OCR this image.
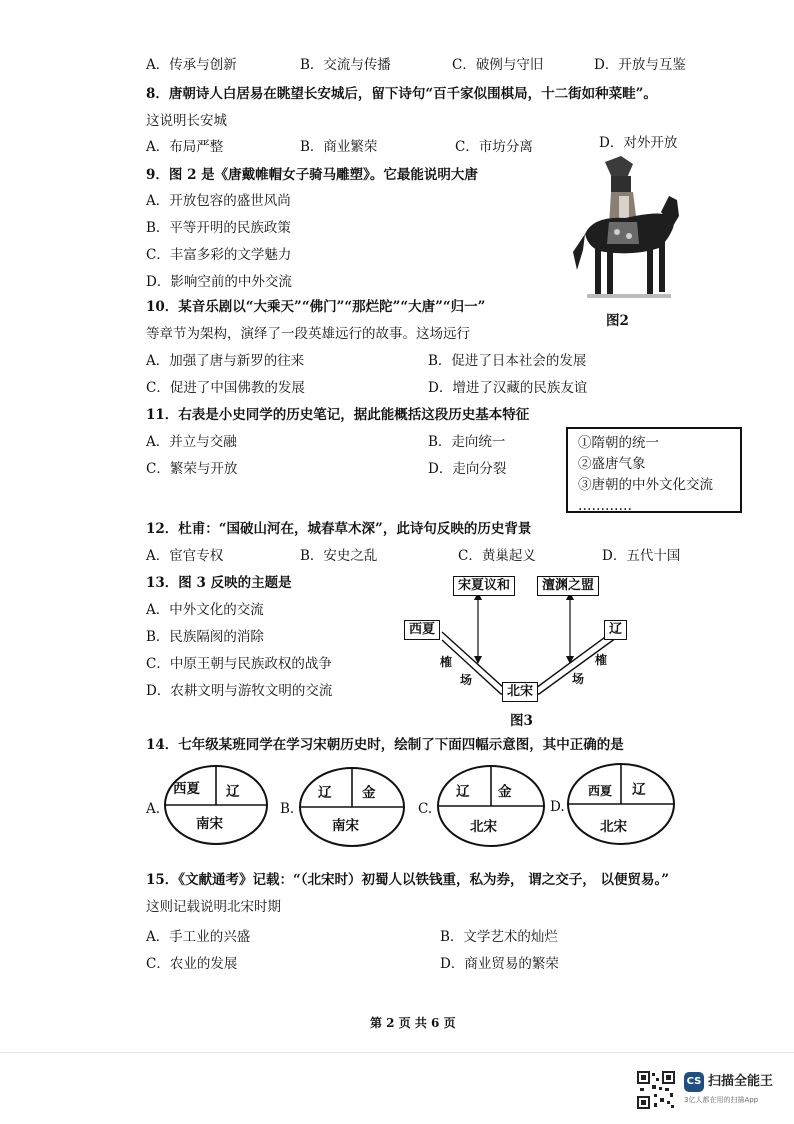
A．传承与创新	B．交流与传播	C．破例与守旧	D．开放与互鉴
8．唐朝诗人白居易在眺望长安城后，留下诗句“百千家似围棋局，十二街如种菜畦”。
这说明长安城
A．布局严整	B．商业繁荣	C．市坊分离	D．对外开放
9．图 2 是《唐戴帷帽女子骑马雕塑》。它最能说明大唐
A．开放包容的盛世风尚
B．平等开明的民族政策
C．丰富多彩的文学魅力
D．影响空前的中外交流
图2
10．某音乐剧以“大乘天”“佛门”“那烂陀”“大唐”“归一”
等章节为架构，演绎了一段英雄远行的故事。这场远行
A．加强了唐与新罗的往来	B．促进了日本社会的发展
C．促进了中国佛教的发展	D．增进了汉藏的民族友谊
11．右表是小史同学的历史笔记，据此能概括这段历史基本特征
A．并立与交融	B．走向统一
C．繁荣与开放	D．走向分裂
①隋朝的统一
②盛唐气象
③唐朝的中外文化交流
…………
12．杜甫：“国破山河在，城春草木深”，此诗句反映的历史背景
A．宦官专权	B．安史之乱	C．黄巢起义	D．五代十国
13．图 3 反映的主题是
A．中外文化的交流
B．民族隔阂的消除
C．中原王朝与民族政权的战争
D．农耕文明与游牧文明的交流
宋夏议和	澶渊之盟
西夏	辽
北宋
榷
场
榷
场
图3
14．七年级某班同学在学习宋朝历史时，绘制了下面四幅示意图，其中正确的是
A.
西夏 辽
南宋
B.
辽 金
南宋
C.
辽 金
北宋
D.
西夏 辽
北宋
15．《文献通考》记载：“（北宋时）初蜀人以铁钱重，私为券， 谓之交子， 以便贸易。”
这则记载说明北宋时期
A．手工业的兴盛	B．文学艺术的灿烂
C．农业的发展	D．商业贸易的繁荣
第 2 页 共 6 页
CS 扫描全能王
3亿人都在用的扫描App
